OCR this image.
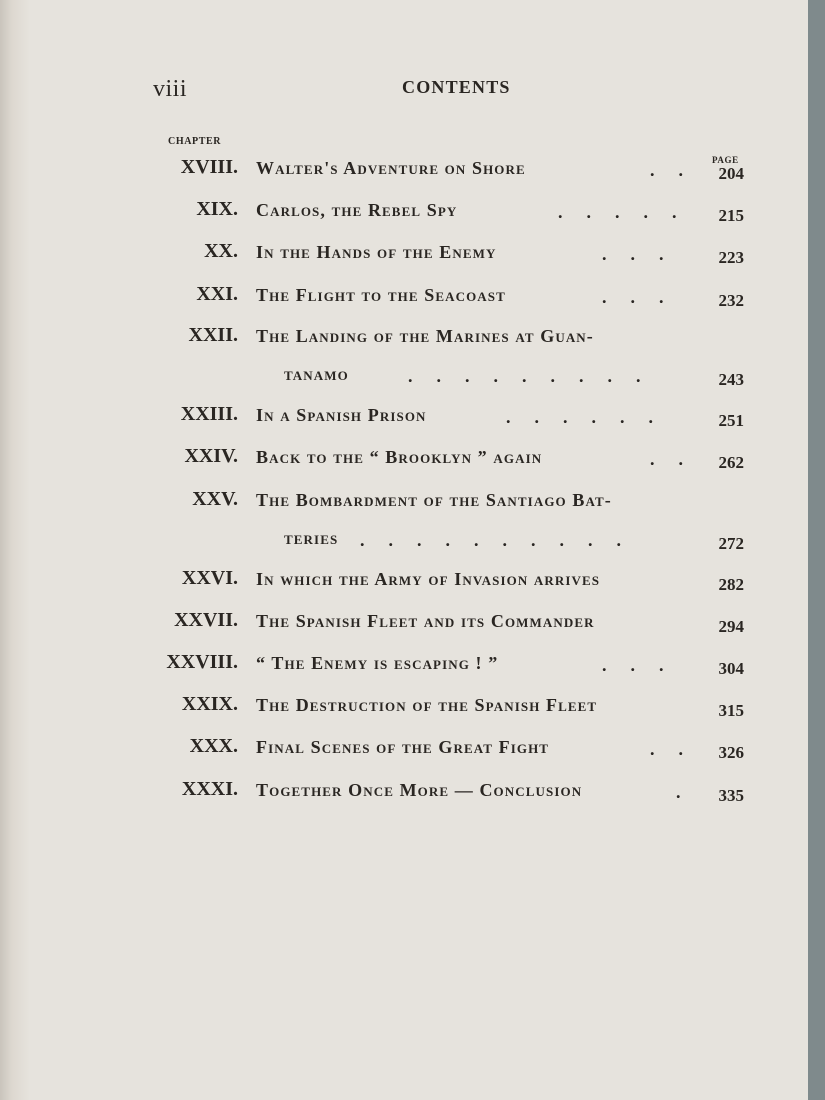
viii	CONTENTS
CHAPTER
PAGE
XVIII. Walter's Adventure on Shore	.. 204
XIX. Carlos, the Rebel Spy	..... 215
XX. In the Hands of the Enemy	... 223
XXI. The Flight to the Seacoast	... 232
XXII. The Landing of the Marines at Guan-
tanamo	.........	243
XXIII. In a Spanish Prison	...... 251
XXIV. Back to the “ Brooklyn ” again	.. 262
XXV. The Bombardment of the Santiago Bat-
teries ..........	272
XXVI. In which the Army of Invasion arrives	282
XXVII. The Spanish Fleet and its Commander	294
XXVIII. “ The Enemy is escaping ! ”	... 304
XXIX. The Destruction of the Spanish Fleet	315
XXX. Final Scenes of the Great Fight	.. 326
XXXI. Together Once More — Conclusion	. 335
